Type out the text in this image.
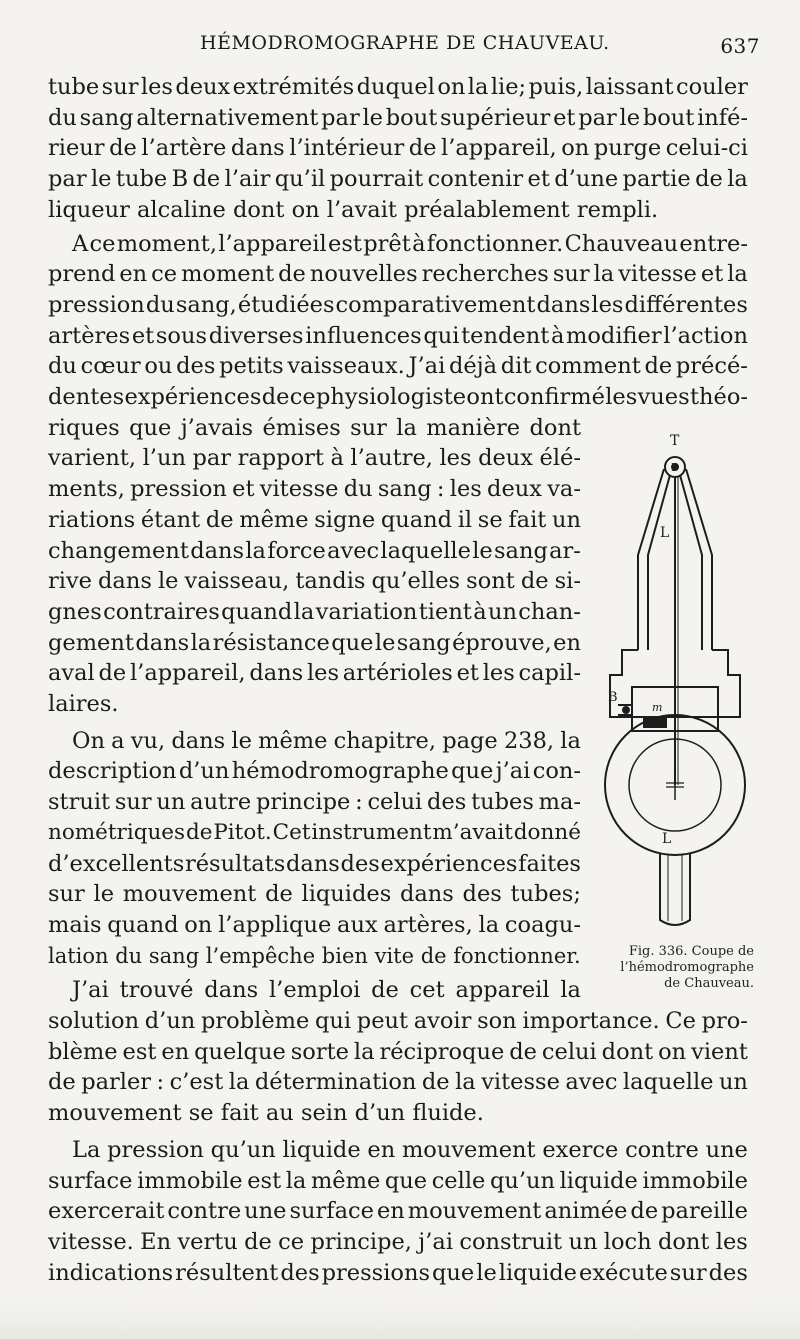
HÉMODROMOGRAPHE DE CHAUVEAU.	637
tube sur les deux extrémités duquel on la lie; puis, laissant couler
du sang alternativement par le bout supérieur et par le bout infé-
rieur de l’artère dans l’intérieur de l’appareil, on purge celui-ci
par le tube B de l’air qu’il pourrait contenir et d’une partie de la
liqueur alcaline dont on l’avait préalablement rempli.
A ce moment, l’appareil est prêt à fonctionner. Chauveau entre-
prend en ce moment de nouvelles recherches sur la vitesse et la
pression du sang, étudiées comparativement dans les différentes
artères et sous diverses influences qui tendent à modifier l’action
du cœur ou des petits vaisseaux. J’ai déjà dit comment de précé-
dentes expériences de ce physiologiste ont confirmé les vues théo-
riques que j’avais émises sur la manière dont
varient, l’un par rapport à l’autre, les deux élé-
ments, pression et vitesse du sang : les deux va-
riations étant de même signe quand il se fait un
changement dans la force avec laquelle le sang ar-
rive dans le vaisseau, tandis qu’elles sont de si-
gnes contraires quand la variation tient à un chan-
gement dans la résistance que le sang éprouve, en
aval de l’appareil, dans les artérioles et les capil-
laires.
On a vu, dans le même chapitre, page 238, la
description d’un hémodromographe que j’ai con-
struit sur un autre principe : celui des tubes ma-
nométriques de Pitot. Cet instrument m’avait donné
d’excellents résultats dans des expériences faites
sur le mouvement de liquides dans des tubes;
mais quand on l’applique aux artères, la coagu-
lation du sang l’empêche bien vite de fonctionner.
J’ai trouvé dans l’emploi de cet appareil la
solution d’un problème qui peut avoir son importance. Ce pro-
blème est en quelque sorte la réciproque de celui dont on vient
de parler : c’est la détermination de la vitesse avec laquelle un
mouvement se fait au sein d’un fluide.
La pression qu’un liquide en mouvement exerce contre une
surface immobile est la même que celle qu’un liquide immobile
exercerait contre une surface en mouvement animée de pareille
vitesse. En vertu de ce principe, j’ai construit un loch dont les
indications résultent des pressions que le liquide exécute sur des
T
P
L
B
m
L
Fig. 336. Coupe de
l’hémodromographe
de Chauveau.
